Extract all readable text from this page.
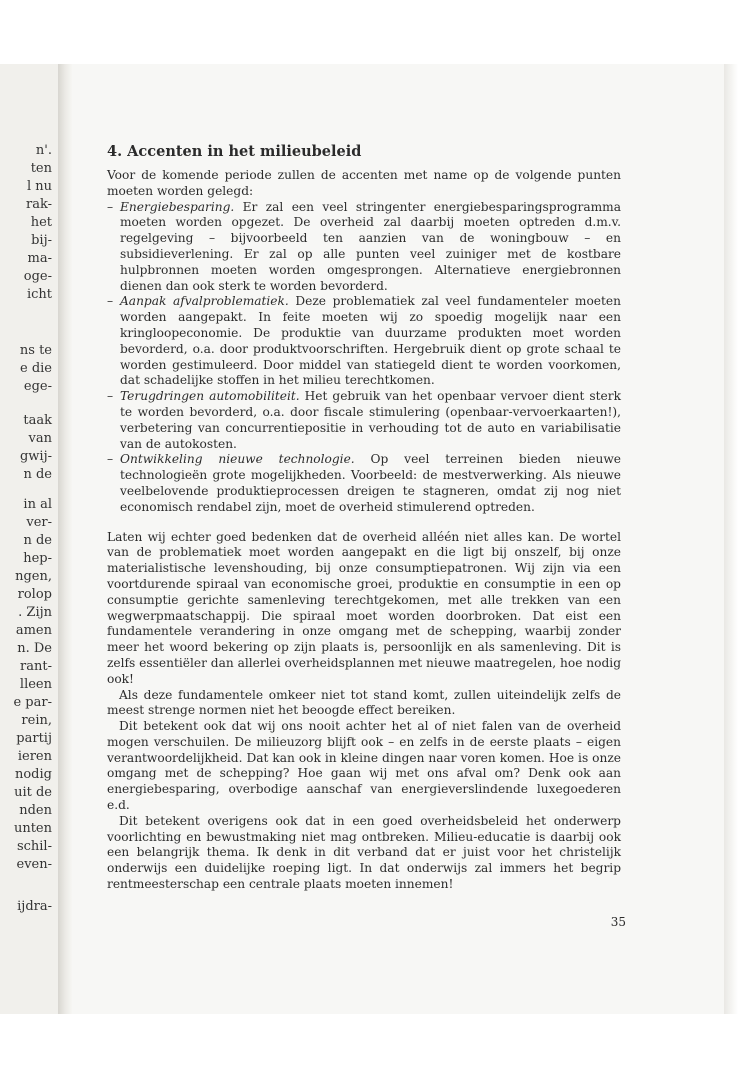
n'.
ten
l nu
rak-
het
bij-
ma-
oge-
icht
ns te
e die
ege-
taak
van
gwij-
n de
in al
ver-
n de
hep-
ngen,
rolop
. Zijn
amen
n. De
rant-
lleen
e par-
rein,
partij
ieren
nodig
uit de
nden
unten
schil-
even-
ijdra-
4. Accenten in het milieubeleid

Voor de komende periode zullen de accenten met name op de volgende punten moeten worden gelegd:

– Energiebesparing. Er zal een veel stringenter energiebesparingsprogramma moeten worden opgezet. De overheid zal daarbij moeten optreden d.m.v. regelgeving – bijvoorbeeld ten aanzien van de woningbouw – en subsidieverlening. Er zal op alle punten veel zuiniger met de kostbare hulpbronnen moeten worden omgesprongen. Alternatieve energiebronnen dienen dan ook sterk te worden bevorderd.
– Aanpak afvalproblematiek. Deze problematiek zal veel fundamenteler moeten worden aangepakt. In feite moeten wij zo spoedig mogelijk naar een kringloopeconomie. De produktie van duurzame produkten moet worden bevorderd, o.a. door produktvoorschriften. Hergebruik dient op grote schaal te worden gestimuleerd. Door middel van statiegeld dient te worden voorkomen, dat schadelijke stoffen in het milieu terechtkomen.
– Terugdringen automobiliteit. Het gebruik van het openbaar vervoer dient sterk te worden bevorderd, o.a. door fiscale stimulering (openbaar-vervoerkaarten!), verbetering van concurrentiepositie in verhouding tot de auto en variabilisatie van de autokosten.
– Ontwikkeling nieuwe technologie. Op veel terreinen bieden nieuwe technologieën grote mogelijkheden. Voorbeeld: de mestverwerking. Als nieuwe veelbelovende produktieprocessen dreigen te stagneren, omdat zij nog niet economisch rendabel zijn, moet de overheid stimulerend optreden.

Laten wij echter goed bedenken dat de overheid alléén niet alles kan. De wortel van de problematiek moet worden aangepakt en die ligt bij onszelf, bij onze materialistische levenshouding, bij onze consumptiepatronen. Wij zijn via een voortdurende spiraal van economische groei, produktie en consumptie in een op consumptie gerichte samenleving terechtgekomen, met alle trekken van een wegwerpmaatschappij. Die spiraal moet worden doorbroken. Dat eist een fundamentele verandering in onze omgang met de schepping, waarbij zonder meer het woord bekering op zijn plaats is, persoonlijk en als samenleving. Dit is zelfs essentiëler dan allerlei overheidsplannen met nieuwe maatregelen, hoe nodig ook!

Als deze fundamentele omkeer niet tot stand komt, zullen uiteindelijk zelfs de meest strenge normen niet het beoogde effect bereiken.

Dit betekent ook dat wij ons nooit achter het al of niet falen van de overheid mogen verschuilen. De milieuzorg blijft ook – en zelfs in de eerste plaats – eigen verantwoordelijkheid. Dat kan ook in kleine dingen naar voren komen. Hoe is onze omgang met de schepping? Hoe gaan wij met ons afval om? Denk ook aan energiebesparing, overbodige aanschaf van energieverslindende luxegoederen e.d.

Dit betekent overigens ook dat in een goed overheidsbeleid het onderwerp voorlichting en bewustmaking niet mag ontbreken. Milieu-educatie is daarbij ook een belangrijk thema. Ik denk in dit verband dat er juist voor het christelijk onderwijs een duidelijke roeping ligt. In dat onderwijs zal immers het begrip rentmeesterschap een centrale plaats moeten innemen!

35
